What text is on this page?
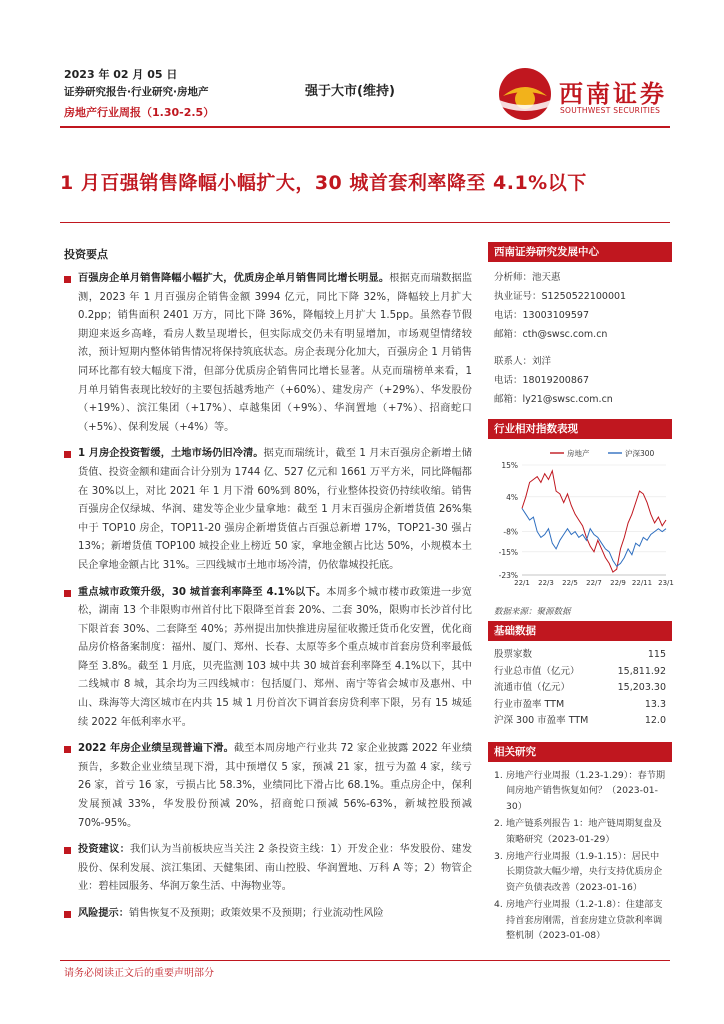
2023 年 02 月 05 日
证券研究报告·行业研究·房地产
房地产行业周报（1.30-2.5）
强于大市(维持)	西南证券
SOUTHWEST SECURITIES
1 月百强销售降幅小幅扩大，30 城首套利率降至 4.1%以下
投资要点
百强房企单月销售降幅小幅扩大，优质房企单月销售同比增长明显。根据克而瑞数据监测，2023 年 1 月百强房企销售金额 3994 亿元，同比下降 32%，降幅较上月扩大 0.2pp；销售面积 2401 万方，同比下降 36%，降幅较上月扩大 1.5pp。虽然春节假期迎来返乡高峰，看房人数呈现增长，但实际成交仍未有明显增加，市场观望情绪较浓，预计短期内整体销售情况将保持筑底状态。房企表现分化加大，百强房企 1 月销售同环比都有较大幅度下滑，但部分优质房企销售同比增长显著。从克而瑞榜单来看，1 月单月销售表现比较好的主要包括越秀地产（+60%）、建发房产（+29%）、华发股份（+19%）、滨江集团（+17%）、卓越集团（+9%）、华润置地（+7%）、招商蛇口（+5%）、保利发展（+4%）等。
1 月房企投资暂缓，土地市场仍旧冷清。据克而瑞统计，截至 1 月末百强房企新增土储货值、投资金额和建面合计分别为 1744 亿、527 亿元和 1661 万平方米，同比降幅都在 30%以上，对比 2021 年 1 月下滑 60%到 80%，行业整体投资仍持续收缩。销售百强房企仅绿城、华润、建发等企业少量拿地：截至 1 月末百强房企新增货值 26%集中于 TOP10 房企，TOP11-20 强房企新增货值占百强总新增 17%，TOP21-30 强占 13%；新增货值 TOP100 城投企业上榜近 50 家，拿地金额占比达 50%，小规模本土民企拿地金额占比 31%。三四线城市土地市场冷清，仍依靠城投托底。
重点城市政策升级，30 城首套利率降至 4.1%以下。本周多个城市楼市政策进一步宽松，湖南 13 个非限购市州首付比下限降至首套 20%、二套 30%，限购市长沙首付比下限首套 30%、二套降至 40%；苏州提出加快推进房屋征收搬迁货币化安置，优化商品房价格备案制度：福州、厦门、郑州、长春、太原等多个重点城市首套房贷利率最低降至 3.8%。截至 1 月底，贝壳监测 103 城中共 30 城首套利率降至 4.1%以下，其中二线城市 8 城，其余均为三四线城市：包括厦门、郑州、南宁等省会城市及惠州、中山、珠海等大湾区城市在内共 15 城 1 月份首次下调首套房贷利率下限，另有 15 城延续 2022 年低利率水平。
2022 年房企业绩呈现普遍下滑。截至本周房地产行业共 72 家企业披露 2022 年业绩预告，多数企业业绩呈现下滑，其中预增仅 5 家，预减 21 家，扭亏为盈 4 家，续亏 26 家，首亏 16 家，亏损占比 58.3%，业绩同比下滑占比 68.1%。重点房企中，保利发展预减 33%，华发股份预减 20%，招商蛇口预减 56%-63%，新城控股预减 70%-95%。
投资建议：我们认为当前板块应当关注 2 条投资主线：1）开发企业：华发股份、建发股份、保利发展、滨江集团、天健集团、南山控股、华润置地、万科 A 等；2）物管企业：碧桂园服务、华润万象生活、中海物业等。
风险提示：销售恢复不及预期；政策效果不及预期；行业流动性风险
西南证券研究发展中心
分析师：池天惠
执业证号：S1250522100001
电话：13003109597
邮箱：cth@swsc.com.cn
联系人：刘洋
电话：18019200867
邮箱：ly21@swsc.com.cn
行业相对指数表现
15%
4%
-8%
-15%
-23%
22/1 22/3 22/5 22/7 22/9 22/11 23/1
房地产	沪深300
数据来源：聚源数据
基础数据
股票家数	115
行业总市值（亿元）	15,811.92
流通市值（亿元）	15,203.30
行业市盈率 TTM	13.3
沪深 300 市盈率 TTM	12.0
相关研究
1. 房地产行业周报（1.23-1.29）：春节期间房地产销售恢复如何？（2023-01-30）
2. 地产链系列报告 1：地产链周期复盘及策略研究（2023-01-29）
3. 房地产行业周报（1.9-1.15）：居民中长期贷款大幅少增，央行支持优质房企资产负债表改善（2023-01-16）
4. 房地产行业周报（1.2-1.8）：住建部支持首套房刚需，首套房建立贷款利率调整机制（2023-01-08）
请务必阅读正文后的重要声明部分
